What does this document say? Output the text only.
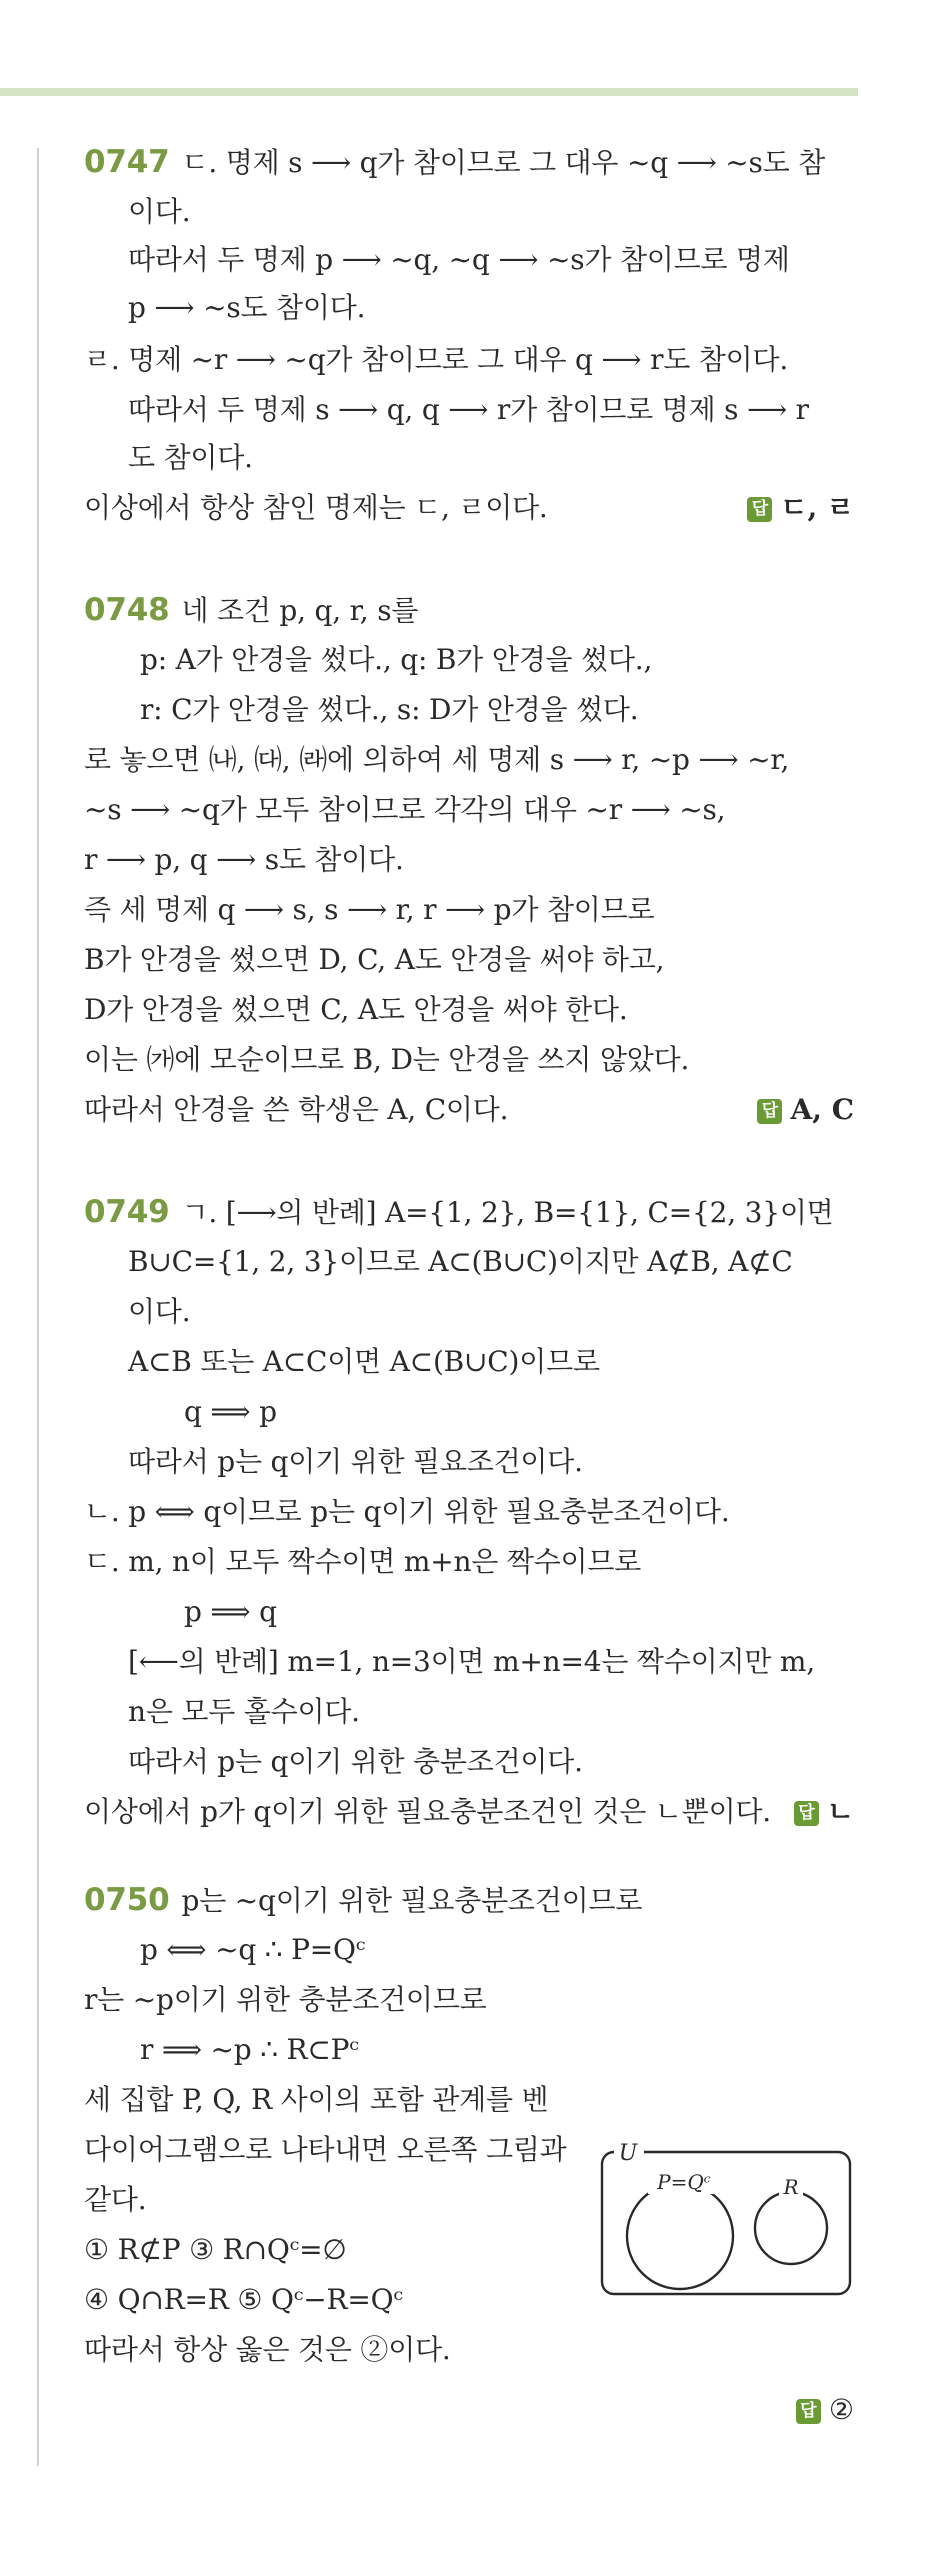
0747 ㄷ. 명제 s ⟶ q가 참이므로 그 대우 ~q ⟶ ~s도 참
이다.
따라서 두 명제 p ⟶ ~q, ~q ⟶ ~s가 참이므로 명제
p ⟶ ~s도 참이다.
ㄹ. 명제 ~r ⟶ ~q가 참이므로 그 대우 q ⟶ r도 참이다.
따라서 두 명제 s ⟶ q, q ⟶ r가 참이므로 명제 s ⟶ r
도 참이다.
이상에서 항상 참인 명제는 ㄷ, ㄹ이다.	답 ㄷ, ㄹ
0748 네 조건 p, q, r, s를
p: A가 안경을 썼다., q: B가 안경을 썼다.,
r: C가 안경을 썼다., s: D가 안경을 썼다.
로 놓으면 ㈏, ㈐, ㈑에 의하여 세 명제 s ⟶ r, ~p ⟶ ~r,
~s ⟶ ~q가 모두 참이므로 각각의 대우 ~r ⟶ ~s,
r ⟶ p, q ⟶ s도 참이다.
즉 세 명제 q ⟶ s, s ⟶ r, r ⟶ p가 참이므로
B가 안경을 썼으면 D, C, A도 안경을 써야 하고,
D가 안경을 썼으면 C, A도 안경을 써야 한다.
이는 ㈎에 모순이므로 B, D는 안경을 쓰지 않았다.
따라서 안경을 쓴 학생은 A, C이다.	답 A, C
0749 ㄱ. [⟶의 반례] A={1, 2}, B={1}, C={2, 3}이면
B∪C={1, 2, 3}이므로 A⊂(B∪C)이지만 A⊄B, A⊄C
이다.
A⊂B 또는 A⊂C이면 A⊂(B∪C)이므로
q ⟹ p
따라서 p는 q이기 위한 필요조건이다.
ㄴ. p ⟺ q이므로 p는 q이기 위한 필요충분조건이다.
ㄷ. m, n이 모두 짝수이면 m+n은 짝수이므로
p ⟹ q
[⟵의 반례] m=1, n=3이면 m+n=4는 짝수이지만 m,
n은 모두 홀수이다.
따라서 p는 q이기 위한 충분조건이다.
이상에서 p가 q이기 위한 필요충분조건인 것은 ㄴ뿐이다. 답 ㄴ
0750 p는 ~q이기 위한 필요충분조건이므로
p ⟺ ~q ∴ P=Qᶜ
r는 ~p이기 위한 충분조건이므로
r ⟹ ~p ∴ R⊂Pᶜ
세 집합 P, Q, R 사이의 포함 관계를 벤
다이어그램으로 나타내면 오른쪽 그림과
같다.
① R⊄P ③ R∩Qᶜ=∅
④ Q∩R=R ⑤ Qᶜ−R=Qᶜ
따라서 항상 옳은 것은 ②이다.
답 ②
U
P=Qᶜ	R
